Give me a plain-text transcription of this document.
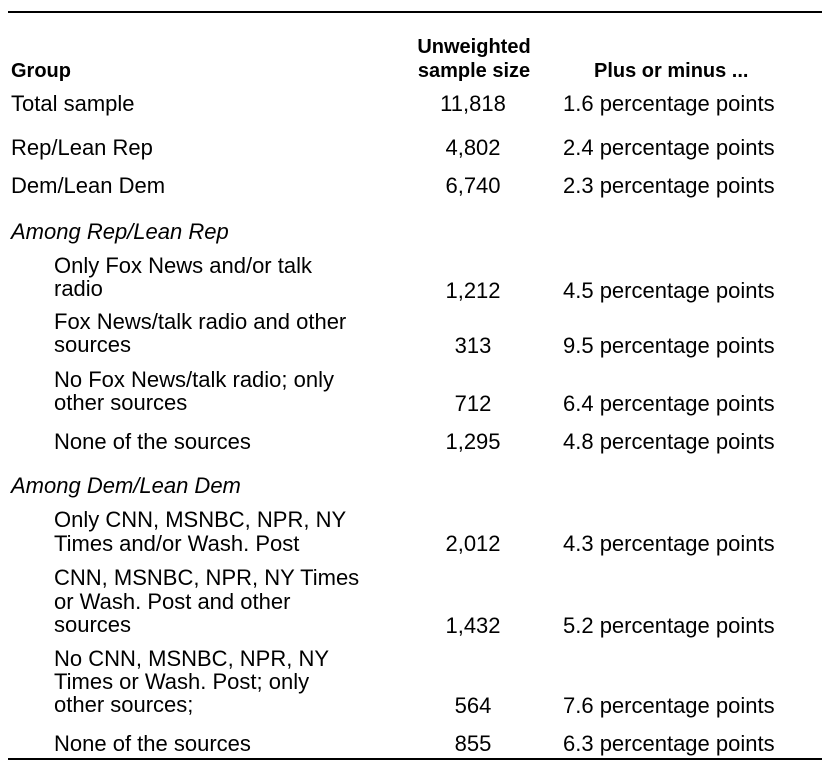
Group
Unweighted
sample size	Plus or minus ...
Total sample	11,818	1.6 percentage points
Rep/Lean Rep	4,802	2.4 percentage points
Dem/Lean Dem	6,740	2.3 percentage points
Among Rep/Lean Rep
Only Fox News and/or talk
radio	1,212	4.5 percentage points
Fox News/talk radio and other
sources	313	9.5 percentage points
No Fox News/talk radio; only
other sources	712	6.4 percentage points
None of the sources	1,295	4.8 percentage points
Among Dem/Lean Dem
Only CNN, MSNBC, NPR, NY
Times and/or Wash. Post	2,012	4.3 percentage points
CNN, MSNBC, NPR, NY Times
or Wash. Post and other
sources	1,432	5.2 percentage points
No CNN, MSNBC, NPR, NY
Times or Wash. Post; only
other sources;	564	7.6 percentage points
None of the sources	855	6.3 percentage points
